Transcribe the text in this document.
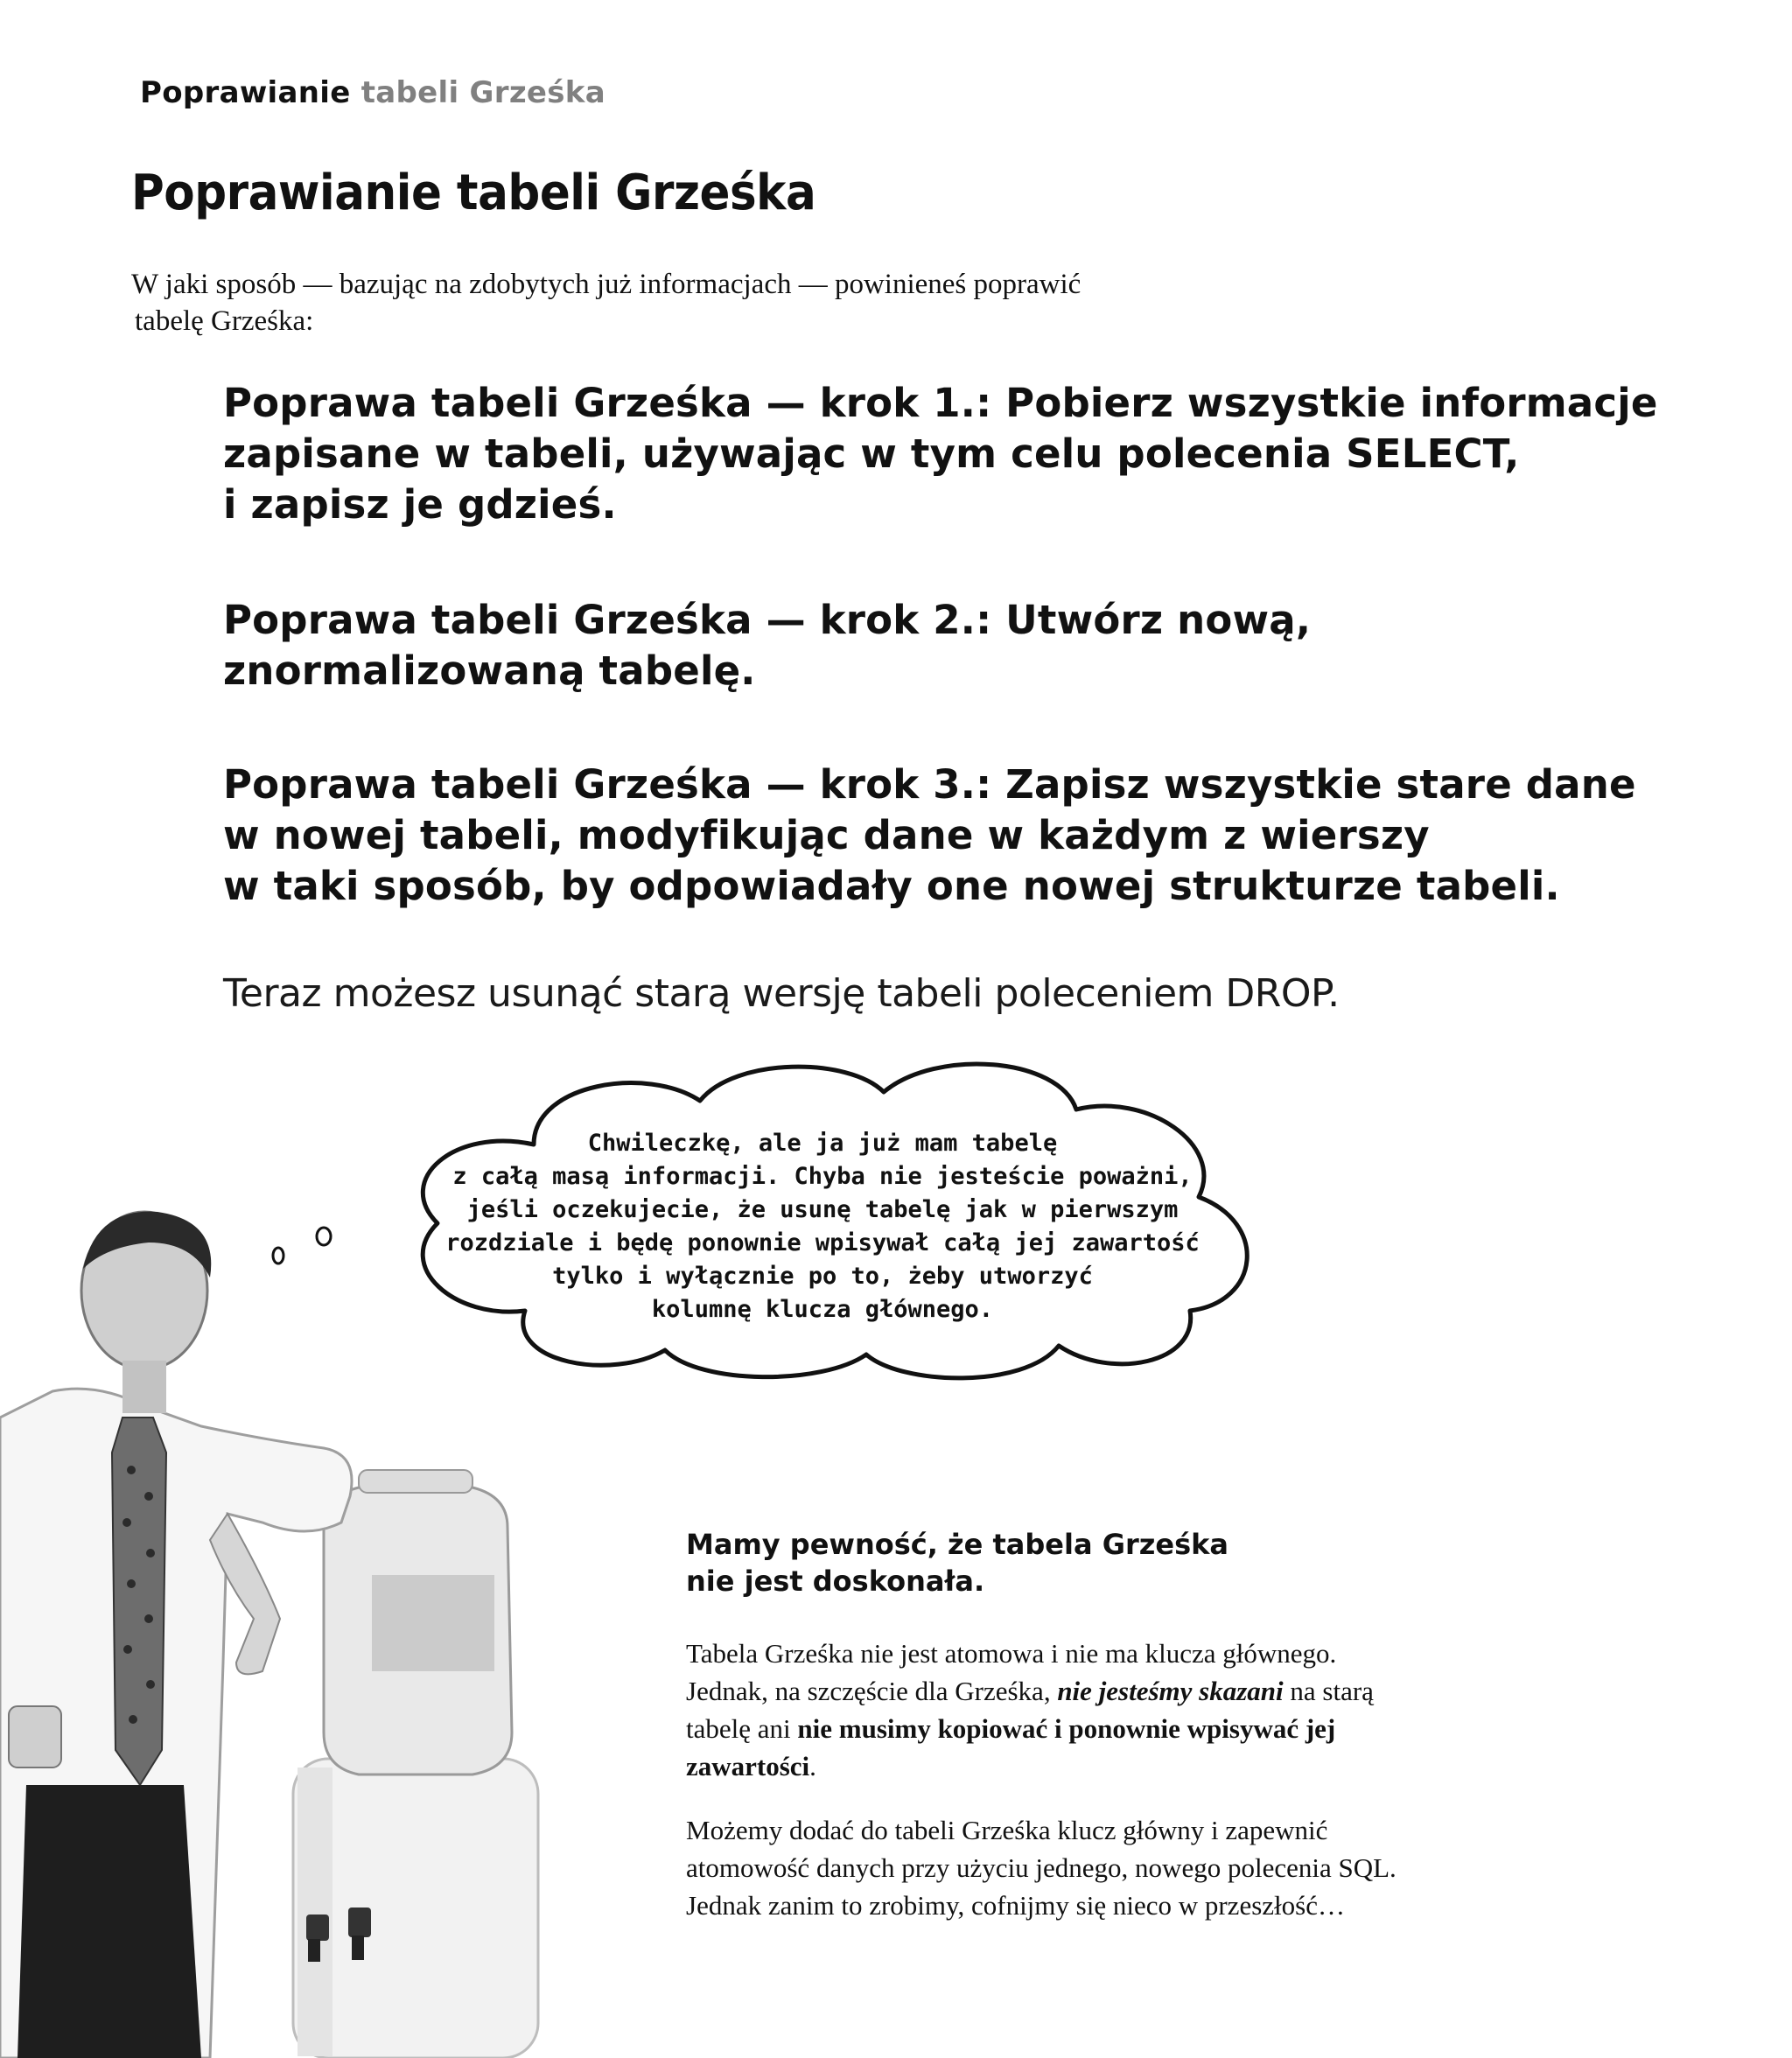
Poprawianie tabeli Grześka
Poprawianie tabeli Grześka

W jaki sposób — bazując na zdobytych już informacjach — powinieneś poprawić
tabelę Grześka:

Poprawa tabeli Grześka — krok 1.: Pobierz wszystkie informacje
zapisane w tabeli, używając w tym celu polecenia SELECT,
i zapisz je gdzieś.

Poprawa tabeli Grześka — krok 2.: Utwórz nową,
znormalizowaną tabelę.

Poprawa tabeli Grześka — krok 3.: Zapisz wszystkie stare dane
w nowej tabeli, modyfikując dane w każdym z wierszy
w taki sposób, by odpowiadały one nowej strukturze tabeli.

Teraz możesz usunąć starą wersję tabeli poleceniem DROP.

Chwileczkę, ale ja już mam tabelę
z całą masą informacji. Chyba nie jesteście poważni,
jeśli oczekujecie, że usunę tabelę jak w pierwszym
rozdziale i będę ponownie wpisywał całą jej zawartość
tylko i wyłącznie po to, żeby utworzyć
kolumnę klucza głównego.

Mamy pewność, że tabela Grześka
nie jest doskonała.

Tabela Grześka nie jest atomowa i nie ma klucza głównego.
Jednak, na szczęście dla Grześka, nie jesteśmy skazani na starą
tabelę ani nie musimy kopiować i ponownie wpisywać jej
zawartości.

Możemy dodać do tabeli Grześka klucz główny i zapewnić
atomowość danych przy użyciu jednego, nowego polecenia SQL.
Jednak zanim to zrobimy, cofnijmy się nieco w przeszłość…
